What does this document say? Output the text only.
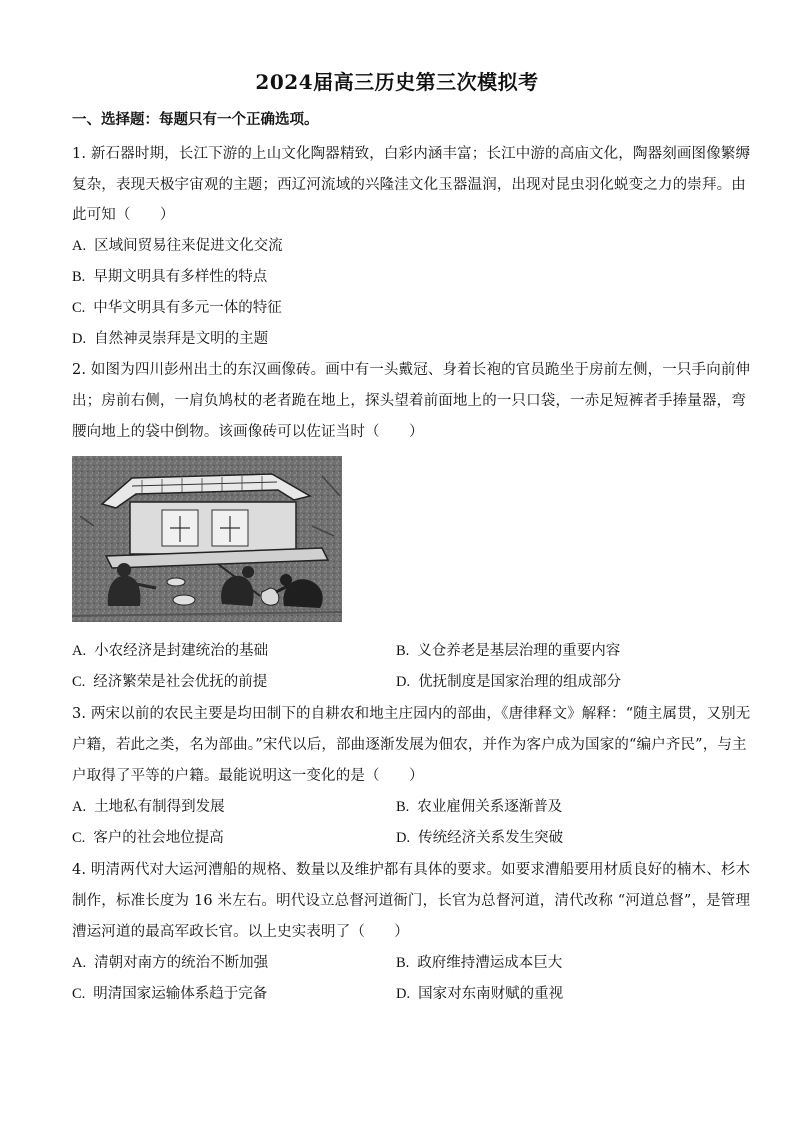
2024届高三历史第三次模拟考
一、选择题：每题只有一个正确选项。
1. 新石器时期，长江下游的上山文化陶器精致，白彩内涵丰富；长江中游的高庙文化，陶器刻画图像繁缛
复杂，表现天极宇宙观的主题；西辽河流域的兴隆洼文化玉器温润，出现对昆虫羽化蜕变之力的崇拜。由
此可知（　　）
A. 区域间贸易往来促进文化交流
B. 早期文明具有多样性的特点
C. 中华文明具有多元一体的特征
D. 自然神灵崇拜是文明的主题
2. 如图为四川彭州出土的东汉画像砖。画中有一头戴冠、身着长袍的官员跪坐于房前左侧，一只手向前伸
出；房前右侧，一肩负鸠杖的老者跪在地上，探头望着前面地上的一只口袋，一赤足短裤者手捧量器，弯
腰向地上的袋中倒物。该画像砖可以佐证当时（　　）
A. 小农经济是封建统治的基础	B. 义仓养老是基层治理的重要内容
C. 经济繁荣是社会优抚的前提	D. 优抚制度是国家治理的组成部分
3. 两宋以前的农民主要是均田制下的自耕农和地主庄园内的部曲，《唐律释文》解释：“随主属贯，又别无
户籍，若此之类，名为部曲。”宋代以后，部曲逐渐发展为佃农，并作为客户成为国家的“编户齐民”，与主
户取得了平等的户籍。最能说明这一变化的是（　　）
A. 土地私有制得到发展	B. 农业雇佣关系逐渐普及
C. 客户的社会地位提高	D. 传统经济关系发生突破
4. 明清两代对大运河漕船的规格、数量以及维护都有具体的要求。如要求漕船要用材质良好的楠木、杉木
制作，标准长度为 16 米左右。明代设立总督河道衙门，长官为总督河道，清代改称 “河道总督”，是管理
漕运河道的最高军政长官。以上史实表明了（　　）
A. 清朝对南方的统治不断加强	B. 政府维持漕运成本巨大
C. 明清国家运输体系趋于完备	D. 国家对东南财赋的重视
